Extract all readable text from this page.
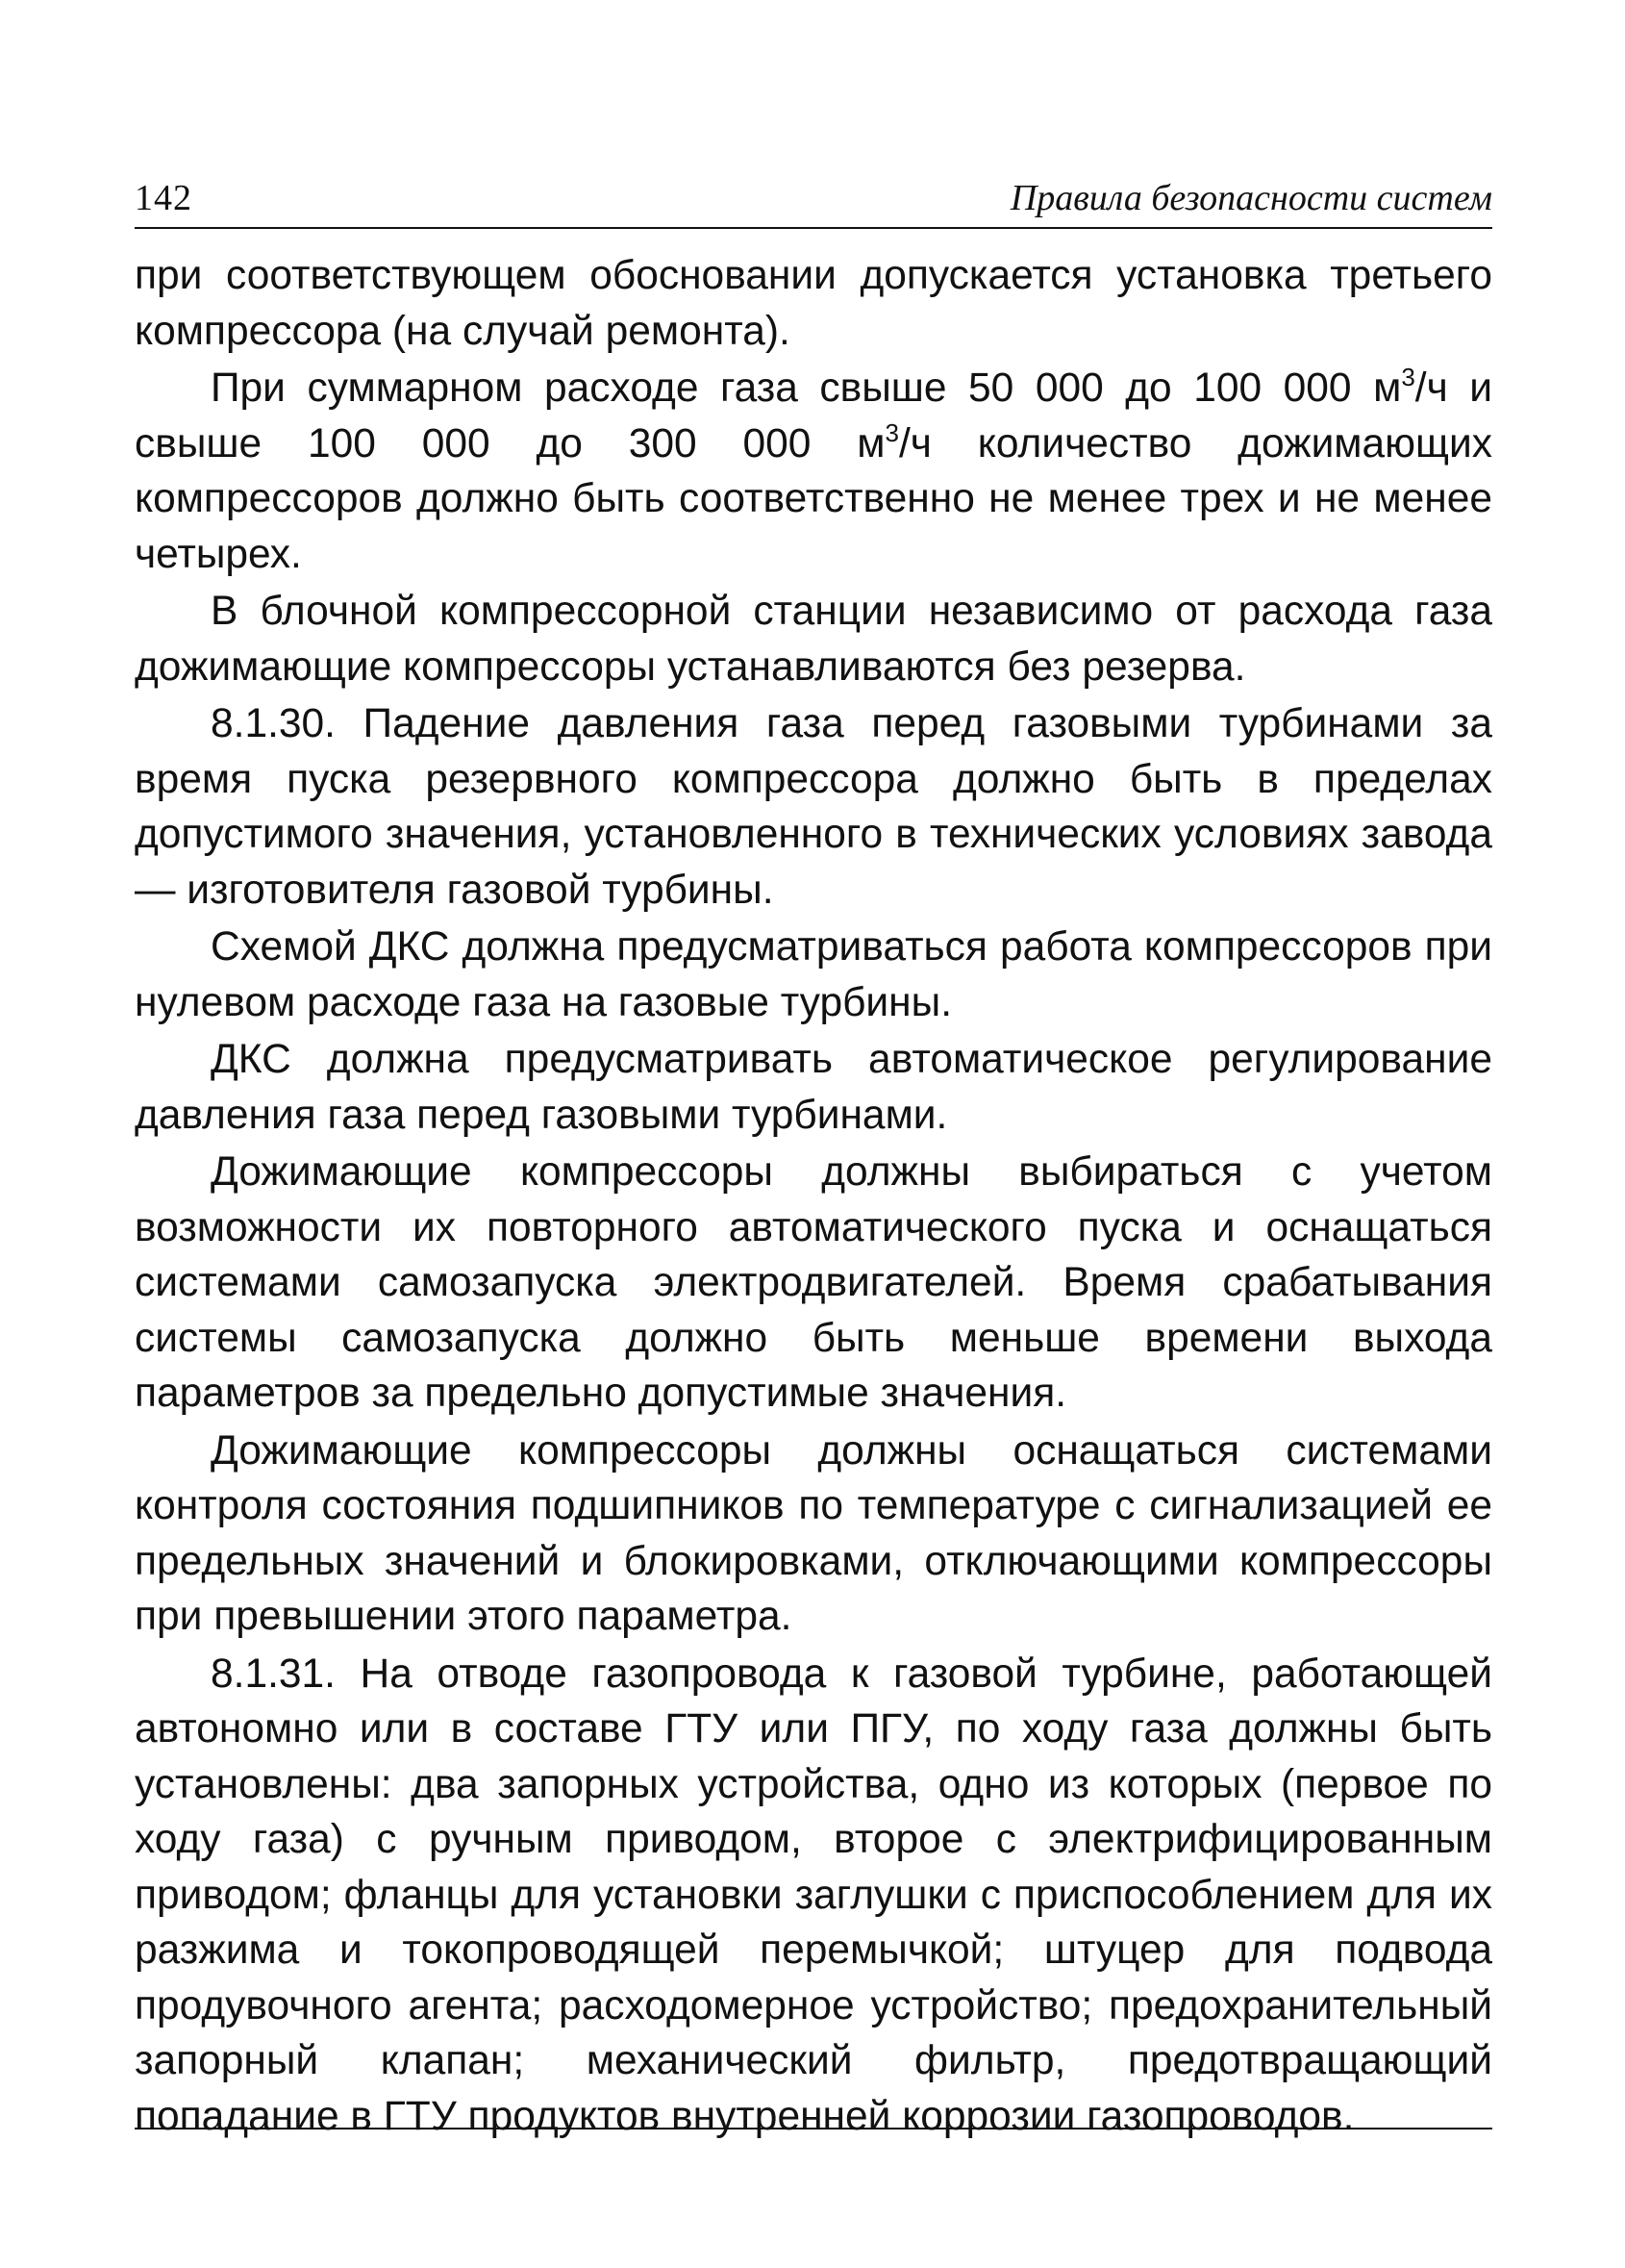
142	Правила безопасности систем

при соответствующем обосновании допускается установка третьего компрессора (на случай ремонта).

При суммарном расходе газа свыше 50 000 до 100 000 $м^3/ч$ и свыше 100 000 до 300 000 $м^3/ч$ количество дожимающих компрессоров должно быть соответственно не менее трех и не менее четырех.

В блочной компрессорной станции независимо от расхода газа дожимающие компрессоры устанавливаются без резерва.

8.1.30. Падение давления газа перед газовыми турбинами за время пуска резервного компрессора должно быть в пределах допустимого значения, установленного в технических условиях завода — изготовителя газовой турбины.

Схемой ДКС должна предусматриваться работа компрессоров при нулевом расходе газа на газовые турбины.

ДКС должна предусматривать автоматическое регулирование давления газа перед газовыми турбинами.

Дожимающие компрессоры должны выбираться с учетом возможности их повторного автоматического пуска и оснащаться системами самозапуска электродвигателей. Время срабатывания системы самозапуска должно быть меньше времени выхода параметров за предельно допустимые значения.

Дожимающие компрессоры должны оснащаться системами контроля состояния подшипников по температуре с сигнализацией ее предельных значений и блокировками, отключающими компрессоры при превышении этого параметра.

8.1.31. На отводе газопровода к газовой турбине, работающей автономно или в составе ГТУ или ПГУ, по ходу газа должны быть установлены: два запорных устройства, одно из которых (первое по ходу газа) с ручным приводом, второе с электрифицированным приводом; фланцы для установки заглушки с приспособлением для их разжима и токопроводящей перемычкой; штуцер для подвода продувочного агента; расходомерное устройство; предохранительный запорный клапан; механический фильтр, предотвращающий попадание в ГТУ продуктов внутренней коррозии газопроводов.
